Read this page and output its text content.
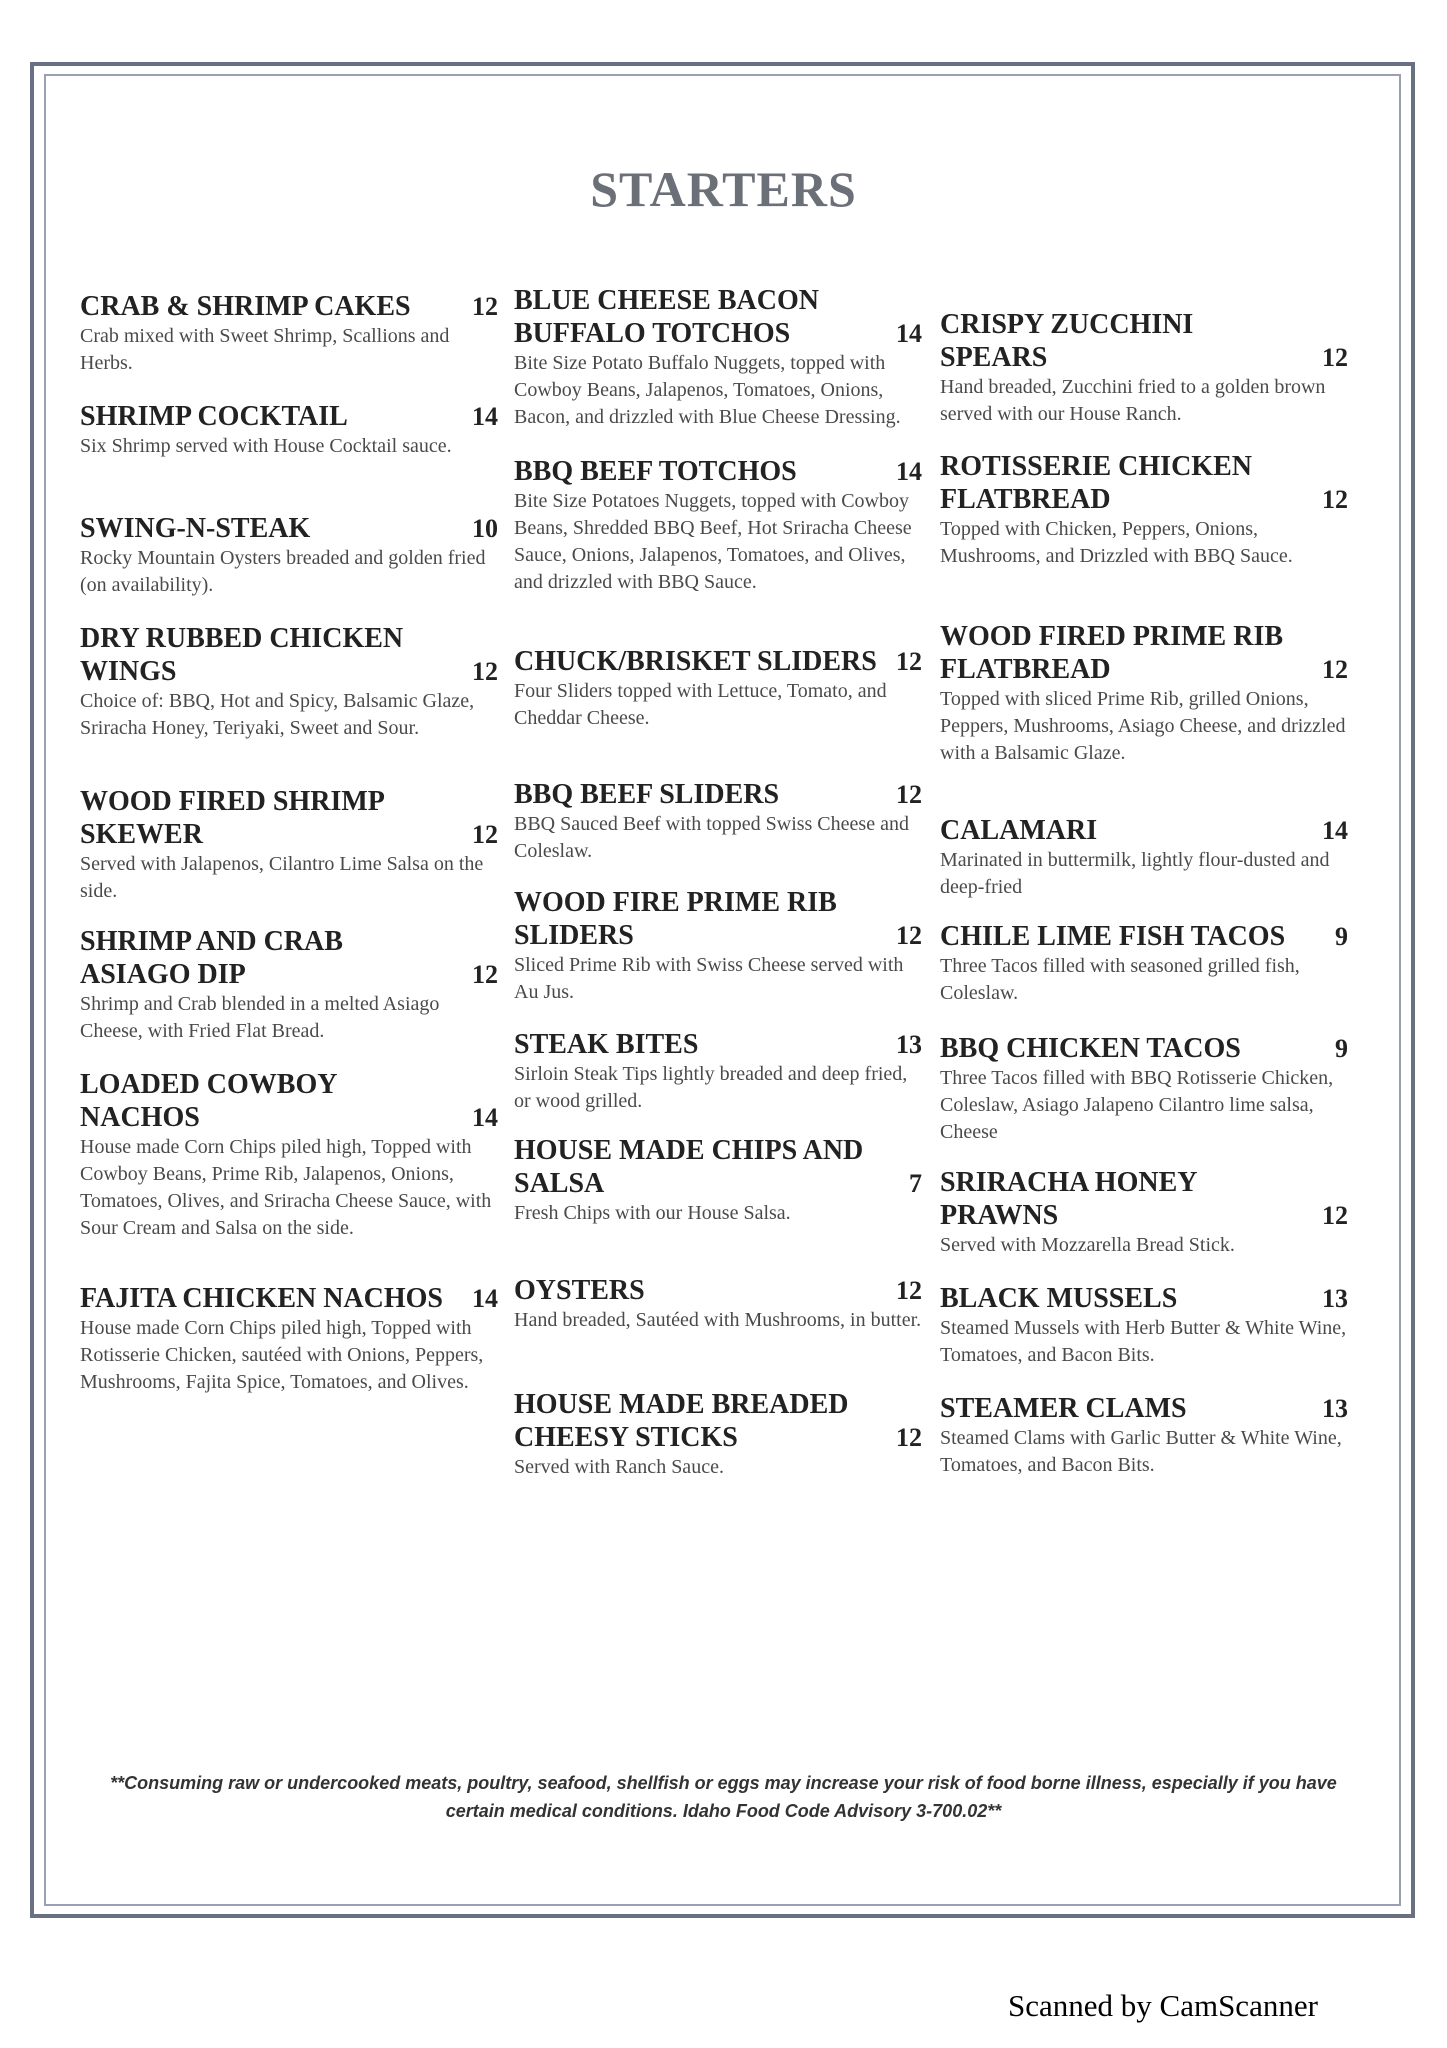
STARTERS
CRAB & SHRIMP CAKES	12

Crab mixed with Sweet Shrimp, Scallions and Herbs.

SHRIMP COCKTAIL	14

Six Shrimp served with House Cocktail sauce.

SWING-N-STEAK	10

Rocky Mountain Oysters breaded and golden fried (on availability).

DRY RUBBED CHICKEN WINGS	12

Choice of: BBQ, Hot and Spicy, Balsamic Glaze, Sriracha Honey, Teriyaki, Sweet and Sour.

WOOD FIRED SHRIMP SKEWER	12

Served with Jalapenos, Cilantro Lime Salsa on the side.

SHRIMP AND CRAB ASIAGO DIP	12

Shrimp and Crab blended in a melted Asiago Cheese, with Fried Flat Bread.

LOADED COWBOY NACHOS	14

House made Corn Chips piled high, Topped with Cowboy Beans, Prime Rib, Jalapenos, Onions, Tomatoes, Olives, and Sriracha Cheese Sauce, with Sour Cream and Salsa on the side.

FAJITA CHICKEN NACHOS	14

House made Corn Chips piled high, Topped with Rotisserie Chicken, sautéed with Onions, Peppers, Mushrooms, Fajita Spice, Tomatoes, and Olives.

BLUE CHEESE BACON BUFFALO TOTCHOS	14

Bite Size Potato Buffalo Nuggets, topped with Cowboy Beans, Jalapenos, Tomatoes, Onions, Bacon, and drizzled with Blue Cheese Dressing.

BBQ BEEF TOTCHOS	14

Bite Size Potatoes Nuggets, topped with Cowboy Beans, Shredded BBQ Beef, Hot Sriracha Cheese Sauce, Onions, Jalapenos, Tomatoes, and Olives, and drizzled with BBQ Sauce.

CHUCK/BRISKET SLIDERS 12

Four Sliders topped with Lettuce, Tomato, and Cheddar Cheese.

BBQ BEEF SLIDERS	12

BBQ Sauced Beef with topped Swiss Cheese and Coleslaw.

WOOD FIRE PRIME RIB SLIDERS	12

Sliced Prime Rib with Swiss Cheese served with Au Jus.

STEAK BITES	13

Sirloin Steak Tips lightly breaded and deep fried, or wood grilled.

HOUSE MADE CHIPS AND SALSA	7

Fresh Chips with our House Salsa.

OYSTERS	12

Hand breaded, Sautéed with Mushrooms, in butter.

HOUSE MADE BREADED CHEESY STICKS	12

Served with Ranch Sauce.

CRISPY ZUCCHINI SPEARS	12

Hand breaded, Zucchini fried to a golden brown served with our House Ranch.

ROTISSERIE CHICKEN FLATBREAD	12

Topped with Chicken, Peppers, Onions, Mushrooms, and Drizzled with BBQ Sauce.

WOOD FIRED PRIME RIB FLATBREAD	12

Topped with sliced Prime Rib, grilled Onions, Peppers, Mushrooms, Asiago Cheese, and drizzled with a Balsamic Glaze.

CALAMARI	14

Marinated in buttermilk, lightly flour-dusted and deep-fried

CHILE LIME FISH TACOS	9

Three Tacos filled with seasoned grilled fish, Coleslaw.

BBQ CHICKEN TACOS	9

Three Tacos filled with BBQ Rotisserie Chicken, Coleslaw, Asiago Jalapeno Cilantro lime salsa, Cheese

SRIRACHA HONEY PRAWNS	12

Served with Mozzarella Bread Stick.

BLACK MUSSELS	13

Steamed Mussels with Herb Butter & White Wine, Tomatoes, and Bacon Bits.

STEAMER CLAMS	13

Steamed Clams with Garlic Butter & White Wine, Tomatoes, and Bacon Bits.

**Consuming raw or undercooked meats, poultry, seafood, shellfish or eggs may increase your risk of food borne illness, especially if you have certain medical conditions. Idaho Food Code Advisory 3-700.02**

Scanned by CamScanner
